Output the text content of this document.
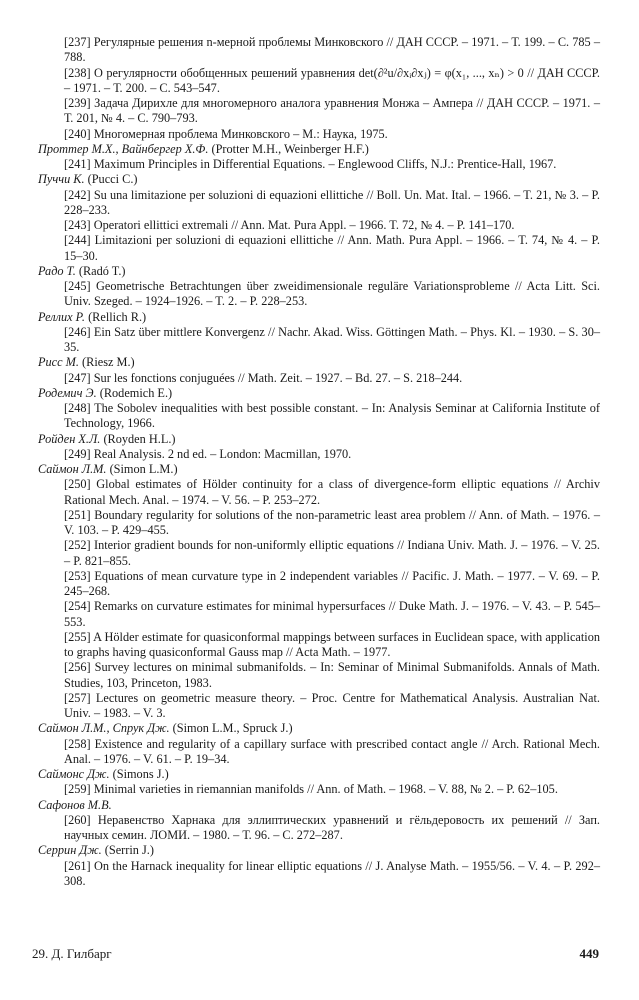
[237] Регулярные решения n-мерной проблемы Минковского // ДАН СССР. – 1971. – Т. 199. – С. 785 – 788.

[238] О регулярности обобщенных решений уравнения det(∂²u/∂xᵢ∂xⱼ) = φ(x₁, ..., xₙ) > 0 // ДАН СССР. – 1971. – Т. 200. – С. 543–547.

[239] Задача Дирихле для многомерного аналога уравнения Монжа – Ампера // ДАН СССР. – 1971. – Т. 201, № 4. – С. 790–793.

[240] Многомерная проблема Минковского – М.: Наука, 1975.

Проттер М.Х., Вайнбергер Х.Ф. (Protter M.H., Weinberger H.F.)

[241] Maximum Principles in Differential Equations. – Englewood Cliffs, N.J.: Prentice-Hall, 1967.

Пуччи К. (Pucci C.)

[242] Su una limitazione per soluzioni di equazioni ellittiche // Boll. Un. Mat. Ital. – 1966. – T. 21, № 3. – P. 228–233.

[243] Operatori ellittici extremali // Ann. Mat. Pura Appl. – 1966. T. 72, № 4. – P. 141–170.

[244] Limitazioni per soluzioni di equazioni ellittiche // Ann. Math. Pura Appl. – 1966. – T. 74, № 4. – P. 15–30.

Радо Т. (Radó T.)

[245] Geometrische Betrachtungen über zweidimensionale reguläre Variationsprobleme // Acta Litt. Sci. Univ. Szeged. – 1924–1926. – T. 2. – P. 228–253.

Реллих Р. (Rellich R.)

[246] Ein Satz über mittlere Konvergenz // Nachr. Akad. Wiss. Göttingen Math. – Phys. Kl. – 1930. – S. 30–35.

Рисс М. (Riesz M.)

[247] Sur les fonctions conjuguées // Math. Zeit. – 1927. – Bd. 27. – S. 218–244.

Родемич Э. (Rodemich E.)

[248] The Sobolev inequalities with best possible constant. – In: Analysis Seminar at California Institute of Technology, 1966.

Ройден Х.Л. (Royden H.L.)

[249] Real Analysis. 2 nd ed. – London: Macmillan, 1970.

Саймон Л.М. (Simon L.M.)

[250] Global estimates of Hölder continuity for a class of divergence-form elliptic equations // Archiv Rational Mech. Anal. – 1974. – V. 56. – P. 253–272.

[251] Boundary regularity for solutions of the non-parametric least area problem // Ann. of Math. – 1976. – V. 103. – P. 429–455.

[252] Interior gradient bounds for non-uniformly elliptic equations // Indiana Univ. Math. J. – 1976. – V. 25. – P. 821–855.

[253] Equations of mean curvature type in 2 independent variables // Pacific. J. Math. – 1977. – V. 69. – P. 245–268.

[254] Remarks on curvature estimates for minimal hypersurfaces // Duke Math. J. – 1976. – V. 43. – P. 545–553.

[255] A Hölder estimate for quasiconformal mappings between surfaces in Euclidean space, with application to graphs having quasiconformal Gauss map // Acta Math. – 1977.

[256] Survey lectures on minimal submanifolds. – In: Seminar of Minimal Submanifolds. Annals of Math. Studies, 103, Princeton, 1983.

[257] Lectures on geometric measure theory. – Proc. Centre for Mathematical Analysis. Australian Nat. Univ. – 1983. – V. 3.

Саймон Л.М., Спрук Дж. (Simon L.M., Spruck J.)

[258] Existence and regularity of a capillary surface with prescribed contact angle // Arch. Rational Mech. Anal. – 1976. – V. 61. – P. 19–34.

Саймонс Дж. (Simons J.)

[259] Minimal varieties in riemannian manifolds // Ann. of Math. – 1968. – V. 88, № 2. – P. 62–105.

Сафонов М.В.

[260] Неравенство Харнака для эллиптических уравнений и гёльдеровость их решений // Зап. научных семин. ЛОМИ. – 1980. – Т. 96. – С. 272–287.

Серрин Дж. (Serrin J.)

[261] On the Harnack inequality for linear elliptic equations // J. Analyse Math. – 1955/56. – V. 4. – P. 292–308.

29. Д. Гилбарг	449
